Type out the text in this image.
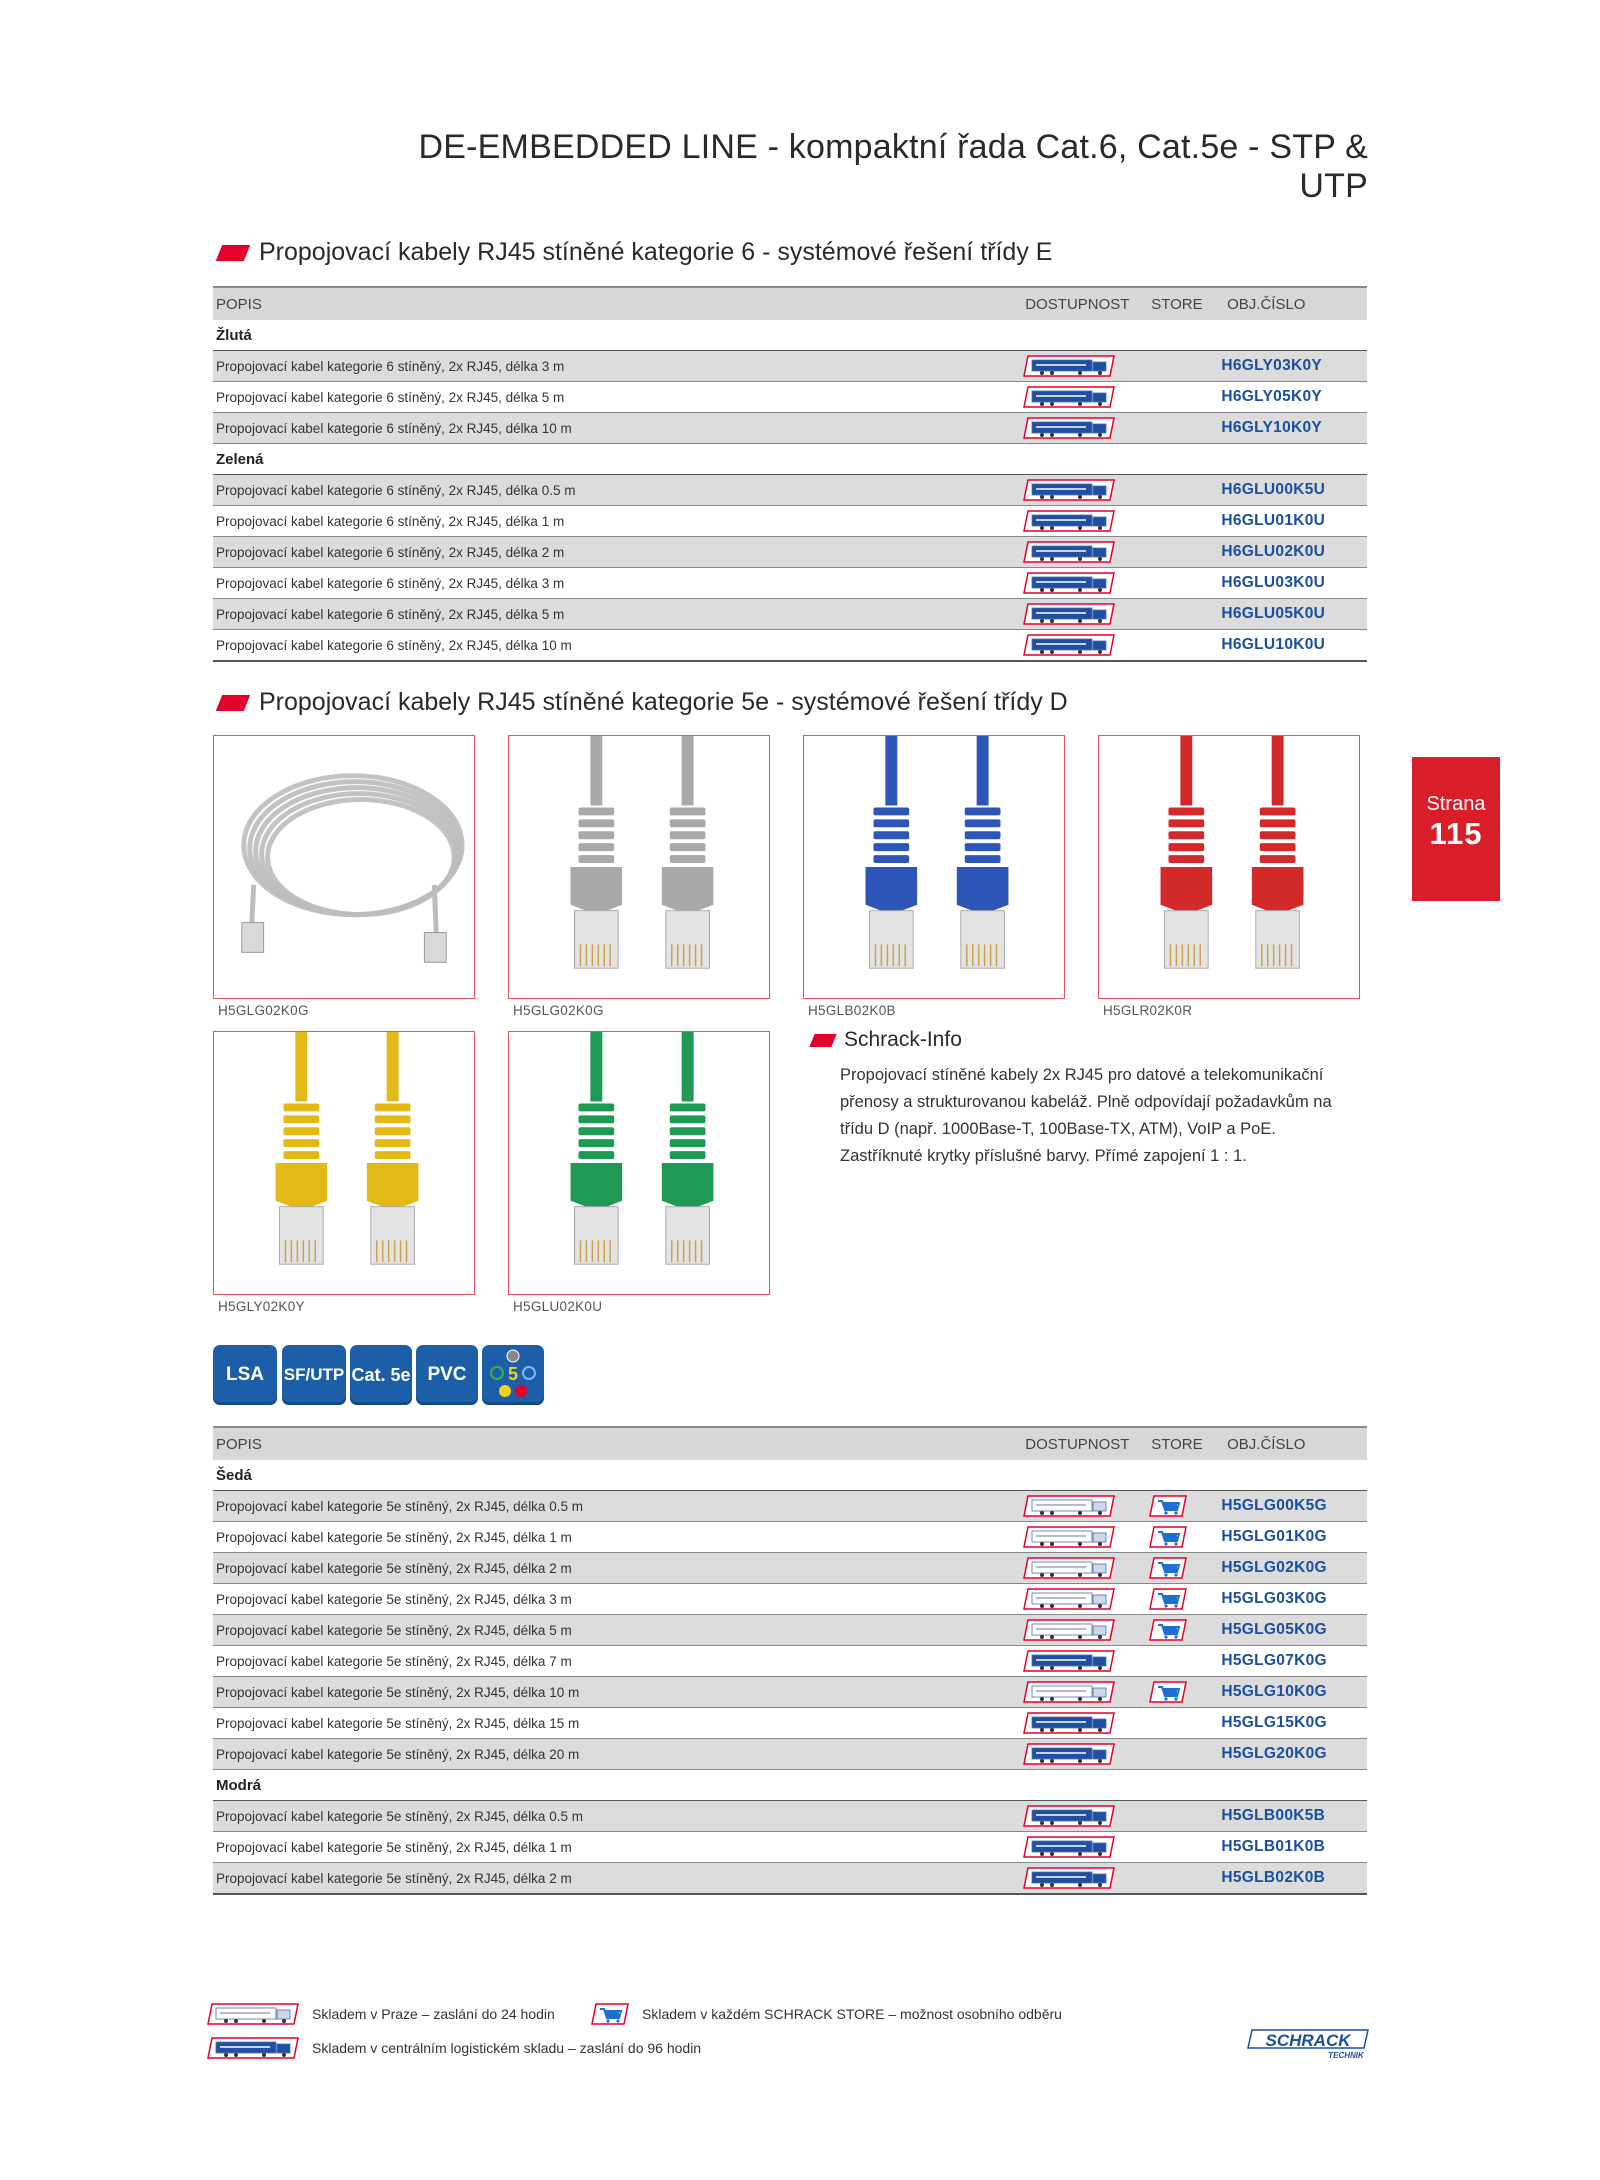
DE-EMBEDDED LINE - kompaktní řada Cat.6, Cat.5e - STP & UTP
Propojovací kabely RJ45 stíněné kategorie 6 - systémové řešení třídy E
POPIS	DOSTUPNOST	STORE	OBJ.ČÍSLO
Žlutá
Propojovací kabel kategorie 6 stíněný, 2x RJ45, délka 3 m	H6GLY03K0Y
Propojovací kabel kategorie 6 stíněný, 2x RJ45, délka 5 m	H6GLY05K0Y
Propojovací kabel kategorie 6 stíněný, 2x RJ45, délka 10 m	H6GLY10K0Y
Zelená
Propojovací kabel kategorie 6 stíněný, 2x RJ45, délka 0.5 m	H6GLU00K5U
Propojovací kabel kategorie 6 stíněný, 2x RJ45, délka 1 m	H6GLU01K0U
Propojovací kabel kategorie 6 stíněný, 2x RJ45, délka 2 m	H6GLU02K0U
Propojovací kabel kategorie 6 stíněný, 2x RJ45, délka 3 m	H6GLU03K0U
Propojovací kabel kategorie 6 stíněný, 2x RJ45, délka 5 m	H6GLU05K0U
Propojovací kabel kategorie 6 stíněný, 2x RJ45, délka 10 m	H6GLU10K0U
Propojovací kabely RJ45 stíněné kategorie 5e - systémové řešení třídy D
H5GLG02K0G	H5GLG02K0G	H5GLB02K0B	H5GLR02K0R
H5GLY02K0Y	H5GLU02K0U
Schrack-Info
Propojovací stíněné kabely 2x RJ45 pro datové a telekomunikační přenosy a strukturovanou kabeláž. Plně odpovídají požadavkům na třídu D (např. 1000Base-T, 100Base-TX, ATM), VoIP a PoE. Zastříknuté krytky příslušné barvy. Přímé zapojení 1 : 1.
LSA	SF/UTP Cat. 5e PVC	5
POPIS	DOSTUPNOST	STORE	OBJ.ČÍSLO
Šedá
Propojovací kabel kategorie 5e stíněný, 2x RJ45, délka 0.5 m	H5GLG00K5G
Propojovací kabel kategorie 5e stíněný, 2x RJ45, délka 1 m	H5GLG01K0G
Propojovací kabel kategorie 5e stíněný, 2x RJ45, délka 2 m	H5GLG02K0G
Propojovací kabel kategorie 5e stíněný, 2x RJ45, délka 3 m	H5GLG03K0G
Propojovací kabel kategorie 5e stíněný, 2x RJ45, délka 5 m	H5GLG05K0G
Propojovací kabel kategorie 5e stíněný, 2x RJ45, délka 7 m	H5GLG07K0G
Propojovací kabel kategorie 5e stíněný, 2x RJ45, délka 10 m	H5GLG10K0G
Propojovací kabel kategorie 5e stíněný, 2x RJ45, délka 15 m	H5GLG15K0G
Propojovací kabel kategorie 5e stíněný, 2x RJ45, délka 20 m	H5GLG20K0G
Modrá
Propojovací kabel kategorie 5e stíněný, 2x RJ45, délka 0.5 m	H5GLB00K5B
Propojovací kabel kategorie 5e stíněný, 2x RJ45, délka 1 m	H5GLB01K0B
Propojovací kabel kategorie 5e stíněný, 2x RJ45, délka 2 m	H5GLB02K0B
Strana
115
Skladem v Praze – zaslání do 24 hodin	Skladem v každém SCHRACK STORE – možnost osobního odběru
Skladem v centrálním logistickém skladu – zaslání do 96 hodin	SCHRACK
TECHNIK
